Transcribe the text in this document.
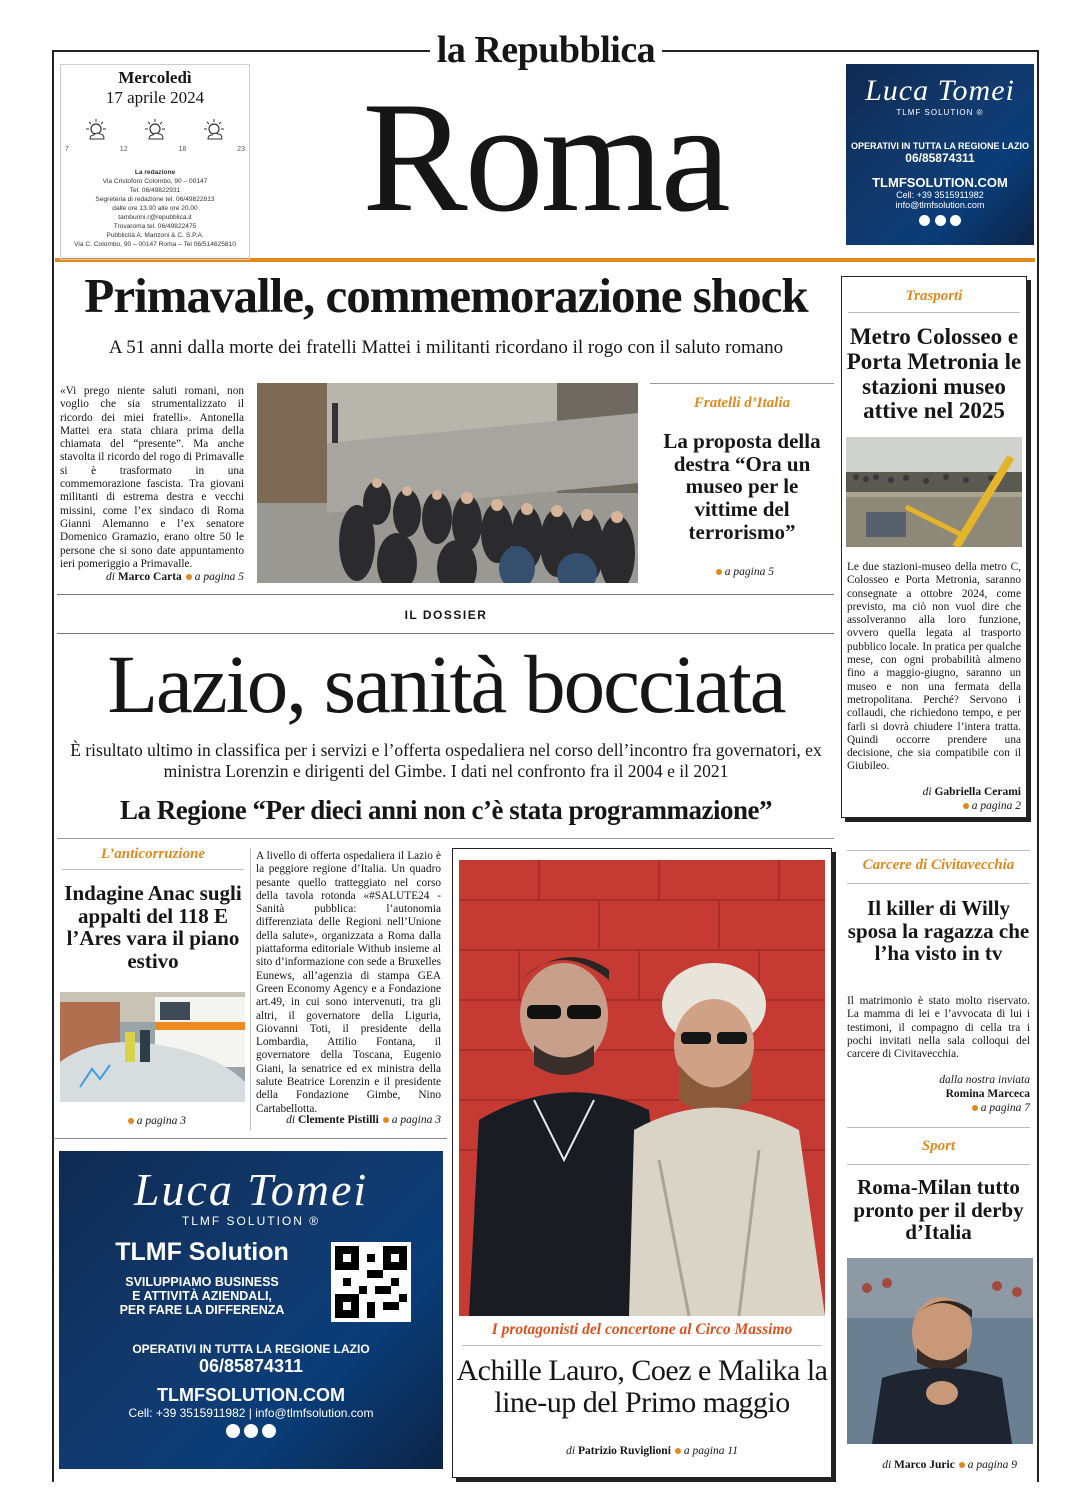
la Repubblica
Roma
Mercoledì
17 aprile 2024
7	12	18	23
La redazione
Via Cristoforo Colombo, 90 – 00147
Tel. 06/49822931
Segreteria di redazione tel. 06/49822813
dalle ore 13.00 alle ore 20.00
tamburini.r@repubblica.it
Trovaroma tel. 06/49822475
Pubblicità A. Manzoni & C. S.P.A.
Via C. Colombo, 90 – 00147 Roma – Tel 06/514625810
Luca Tomei
TLMF SOLUTION ®
OPERATIVI IN TUTTA LA REGIONE LAZIO
06/85874311
TLMFSOLUTION.COM
Cell: +39 3515911982
info@tlmfsolution.com

Primavalle, commemorazione shock
A 51 anni dalla morte dei fratelli Mattei i militanti ricordano il rogo con il saluto romano
«Vi prego niente saluti romani, non voglio che sia strumentalizzato il ricordo dei miei fratelli». Antonella Mattei era stata chiara prima della chiamata del “presente”. Ma anche stavolta il ricordo del rogo di Primavalle si è trasformato in una commemorazione fascista. Tra giovani militanti di estrema destra e vecchi missini, come l’ex sindaco di Roma Gianni Alemanno e l’ex senatore Domenico Gramazio, erano oltre 50 le persone che si sono date appuntamento ieri pomeriggio a Primavalle.
di Marco Carta a pagina 5
Fratelli d’Italia
La proposta della destra “Ora un museo per le vittime del terrorismo”
a pagina 5
Trasporti
Metro Colosseo e Porta Metronia le stazioni museo attive nel 2025
Le due stazioni-museo della metro C, Colosseo e Porta Metronia, saranno consegnate a ottobre 2024, come previsto, ma ciò non vuol dire che assolveranno alla loro funzione, ovvero quella legata al trasporto pubblico locale. In pratica per qualche mese, con ogni probabilità almeno fino a maggio-giugno, saranno un museo e non una fermata della metropolitana. Perché? Servono i collaudi, che richiedono tempo, e per farli si dovrà chiudere l’intera tratta. Quindi occorre prendere una decisione, che sia compatibile con il Giubileo.
di Gabriella Cerami
a pagina 2
IL DOSSIER
Lazio, sanità bocciata
È risultato ultimo in classifica per i servizi e l’offerta ospedaliera nel corso dell’incontro fra governatori, ex ministra Lorenzin e dirigenti del Gimbe. I dati nel confronto fra il 2004 e il 2021
La Regione “Per dieci anni non c’è stata programmazione”
L’anticorruzione
Indagine Anac sugli appalti del 118 E l’Ares vara il piano estivo
a pagina 3
A livello di offerta ospedaliera il Lazio è la peggiore regione d’Italia. Un quadro pesante quello tratteggiato nel corso della tavola rotonda «#SALUTE24 - Sanità pubblica: l’autonomia differenziata delle Regioni nell’Unione della salute», organizzata a Roma dalla piattaforma editoriale Withub insieme al sito d’informazione con sede a Bruxelles Eunews, all’agenzia di stampa GEA Green Economy Agency e a Fondazione art.49, in cui sono intervenuti, tra gli altri, il governatore della Liguria, Giovanni Toti, il presidente della Lombardia, Attilio Fontana, il governatore della Toscana, Eugenio Giani, la senatrice ed ex ministra della salute Beatrice Lorenzin e il presidente della Fondazione Gimbe, Nino Cartabellotta.
di Clemente Pistilli a pagina 3
I protagonisti del concertone al Circo Massimo
Achille Lauro, Coez e Malika la line-up del Primo maggio
di Patrizio Ruviglioni a pagina 11
Carcere di Civitavecchia
Il killer di Willy sposa la ragazza che l’ha visto in tv
Il matrimonio è stato molto riservato. La mamma di lei e l’avvocata di lui i testimoni, il compagno di cella tra i pochi invitati nella sala colloqui del carcere di Civitavecchia.
dalla nostra inviata
Romina Marceca
a pagina 7
Sport
Roma-Milan tutto pronto per il derby d’Italia
di Marco Juric a pagina 9
Luca Tomei
TLMF SOLUTION ®
TLMF Solution
SVILUPPIAMO BUSINESS
E ATTIVITÀ AZIENDALI,
PER FARE LA DIFFERENZA
OPERATIVI IN TUTTA LA REGIONE LAZIO
06/85874311
TLMFSOLUTION.COM
Cell: +39 3515911982 | info@tlmfsolution.com
